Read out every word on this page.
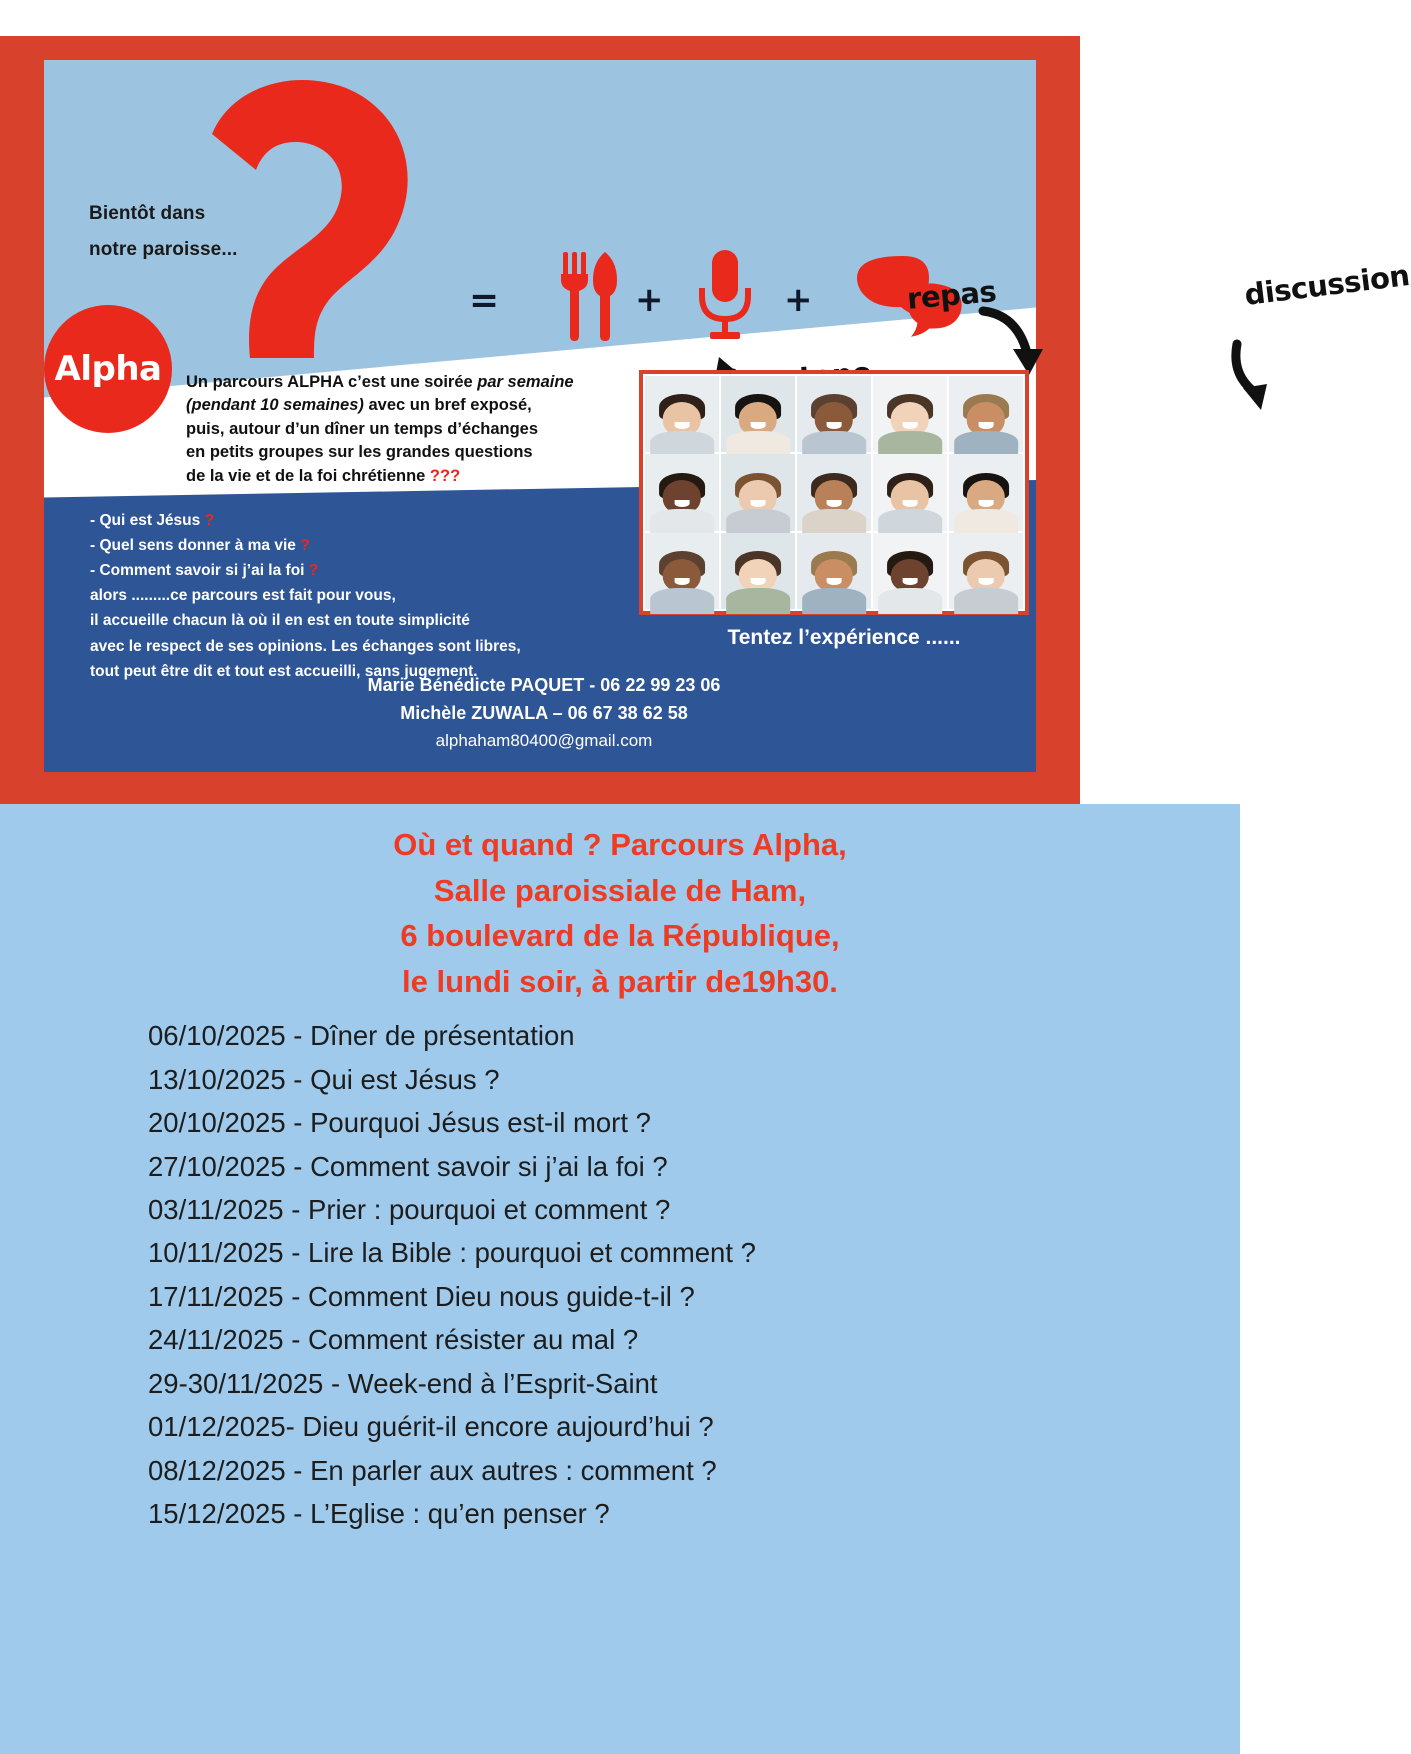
Bientôt dans
notre paroisse...
=	+	+	repas	discussion
Alpha Un parcours ALPHA c’est une soirée par semaine
(pendant 10 semaines) avec un bref exposé,
puis, autour d’un dîner un temps d’échanges
en petits groupes sur les grandes questions
de la vie et de la foi chrétienne ???
- Qui est Jésus ?
- Quel sens donner à ma vie ?
- Comment savoir si j’ai la foi ?
alors .........ce parcours est fait pour vous,
il accueille chacun là où il en est en toute simplicité
avec le respect de ses opinions. Les échanges sont libres,
tout peut être dit et tout est accueilli, sans jugement.
Marie Bénédicte PAQUET - 06 22 99 23 06
Michèle ZUWALA – 06 67 38 62 58
alphaham80400@gmail.com
Tentez l’expérience ......
Où et quand ? Parcours Alpha,
Salle paroissiale de Ham,
6 boulevard de la République,
le lundi soir, à partir de19h30.
06/10/2025 - Dîner de présentation
13/10/2025 - Qui est Jésus ?
20/10/2025 - Pourquoi Jésus est-il mort ?
27/10/2025 - Comment savoir si j’ai la foi ?
03/11/2025 - Prier : pourquoi et comment ?
10/11/2025 - Lire la Bible : pourquoi et comment ?
17/11/2025 - Comment Dieu nous guide-t-il ?
24/11/2025 - Comment résister au mal ?
29-30/11/2025 - Week-end à l’Esprit-Saint
01/12/2025- Dieu guérit-il encore aujourd’hui ?
08/12/2025 - En parler aux autres : comment ?
15/12/2025 - L’Eglise : qu’en penser ?
